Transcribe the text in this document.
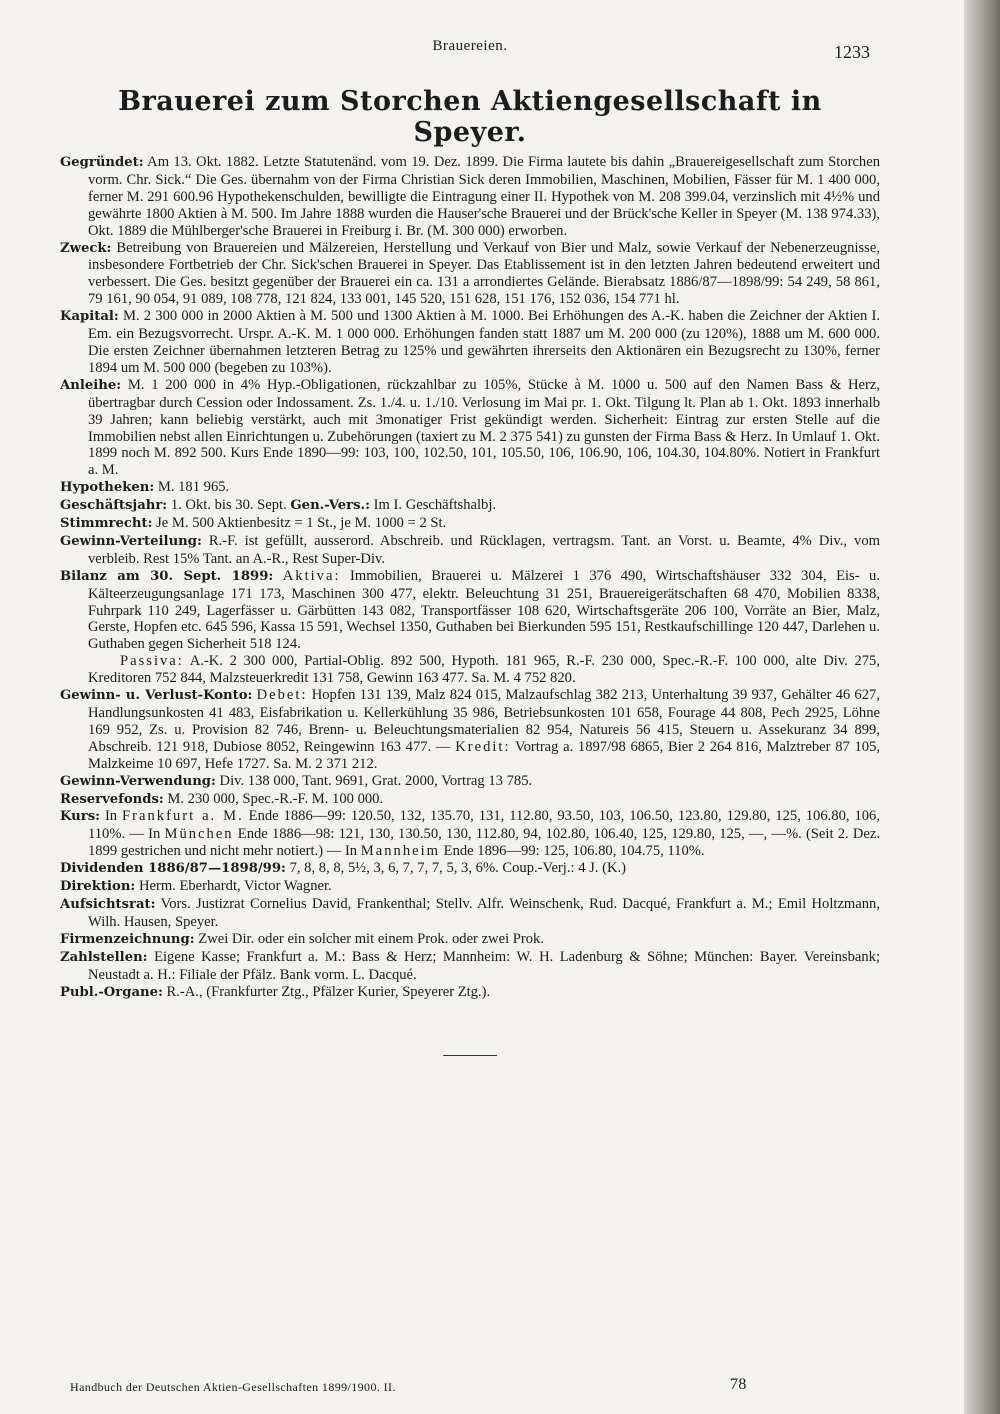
Brauereien.	1233
Brauerei zum Storchen Aktiengesellschaft in Speyer.

Gegründet: Am 13. Okt. 1882. Letzte Statutenänd. vom 19. Dez. 1899. Die Firma lautete bis dahin „Brauereigesellschaft zum Storchen vorm. Chr. Sick.“ Die Ges. übernahm von der Firma Christian Sick deren Immobilien, Maschinen, Mobilien, Fässer für M. 1 400 000, ferner M. 291 600.96 Hypothekenschulden, bewilligte die Eintragung einer II. Hypothek von M. 208 399.04, verzinslich mit 4½% und gewährte 1800 Aktien à M. 500. Im Jahre 1888 wurden die Hauser'sche Brauerei und der Brück'sche Keller in Speyer (M. 138 974.33), Okt. 1889 die Mühlberger'sche Brauerei in Freiburg i. Br. (M. 300 000) erworben.

Zweck: Betreibung von Brauereien und Mälzereien, Herstellung und Verkauf von Bier und Malz, sowie Verkauf der Nebenerzeugnisse, insbesondere Fortbetrieb der Chr. Sick'schen Brauerei in Speyer. Das Etablissement ist in den letzten Jahren bedeutend erweitert und verbessert. Die Ges. besitzt gegenüber der Brauerei ein ca. 131 a arrondiertes Gelände. Bierabsatz 1886/87—1898/99: 54 249, 58 861, 79 161, 90 054, 91 089, 108 778, 121 824, 133 001, 145 520, 151 628, 151 176, 152 036, 154 771 hl.

Kapital: M. 2 300 000 in 2000 Aktien à M. 500 und 1300 Aktien à M. 1000. Bei Erhöhungen des A.-K. haben die Zeichner der Aktien I. Em. ein Bezugsvorrecht. Urspr. A.-K. M. 1 000 000. Erhöhungen fanden statt 1887 um M. 200 000 (zu 120%), 1888 um M. 600 000. Die ersten Zeichner übernahmen letzteren Betrag zu 125% und gewährten ihrerseits den Aktionären ein Bezugsrecht zu 130%, ferner 1894 um M. 500 000 (begeben zu 103%).

Anleihe: M. 1 200 000 in 4% Hyp.-Obligationen, rückzahlbar zu 105%, Stücke à M. 1000 u. 500 auf den Namen Bass & Herz, übertragbar durch Cession oder Indossament. Zs. 1./4. u. 1./10. Verlosung im Mai pr. 1. Okt. Tilgung lt. Plan ab 1. Okt. 1893 innerhalb 39 Jahren; kann beliebig verstärkt, auch mit 3monatiger Frist gekündigt werden. Sicherheit: Eintrag zur ersten Stelle auf die Immobilien nebst allen Einrichtungen u. Zubehörungen (taxiert zu M. 2 375 541) zu gunsten der Firma Bass & Herz. In Umlauf 1. Okt. 1899 noch M. 892 500. Kurs Ende 1890—99: 103, 100, 102.50, 101, 105.50, 106, 106.90, 106, 104.30, 104.80%. Notiert in Frankfurt a. M.

Hypotheken: M. 181 965.

Geschäftsjahr: 1. Okt. bis 30. Sept. Gen.-Vers.: Im I. Geschäftshalbj.

Stimmrecht: Je M. 500 Aktienbesitz = 1 St., je M. 1000 = 2 St.

Gewinn-Verteilung: R.-F. ist gefüllt, ausserord. Abschreib. und Rücklagen, vertragsm. Tant. an Vorst. u. Beamte, 4% Div., vom verbleib. Rest 15% Tant. an A.-R., Rest Super-Div.

Bilanz am 30. Sept. 1899: Aktiva: Immobilien, Brauerei u. Mälzerei 1 376 490, Wirtschaftshäuser 332 304, Eis- u. Kälteerzeugungsanlage 171 173, Maschinen 300 477, elektr. Beleuchtung 31 251, Brauereigerätschaften 68 470, Mobilien 8338, Fuhrpark 110 249, Lagerfässer u. Gärbütten 143 082, Transportfässer 108 620, Wirtschaftsgeräte 206 100, Vorräte an Bier, Malz, Gerste, Hopfen etc. 645 596, Kassa 15 591, Wechsel 1350, Guthaben bei Bierkunden 595 151, Restkaufschillinge 120 447, Darlehen u. Guthaben gegen Sicherheit 518 124.

Passiva: A.-K. 2 300 000, Partial-Oblig. 892 500, Hypoth. 181 965, R.-F. 230 000, Spec.-R.-F. 100 000, alte Div. 275, Kreditoren 752 844, Malzsteuerkredit 131 758, Gewinn 163 477. Sa. M. 4 752 820.

Gewinn- u. Verlust-Konto: Debet: Hopfen 131 139, Malz 824 015, Malzaufschlag 382 213, Unterhaltung 39 937, Gehälter 46 627, Handlungsunkosten 41 483, Eisfabrikation u. Kellerkühlung 35 986, Betriebsunkosten 101 658, Fourage 44 808, Pech 2925, Löhne 169 952, Zs. u. Provision 82 746, Brenn- u. Beleuchtungsmaterialien 82 954, Natureis 56 415, Steuern u. Assekuranz 34 899, Abschreib. 121 918, Dubiose 8052, Reingewinn 163 477. — Kredit: Vortrag a. 1897/98 6865, Bier 2 264 816, Malztreber 87 105, Malzkeime 10 697, Hefe 1727. Sa. M. 2 371 212.

Gewinn-Verwendung: Div. 138 000, Tant. 9691, Grat. 2000, Vortrag 13 785.

Reservefonds: M. 230 000, Spec.-R.-F. M. 100 000.

Kurs: In Frankfurt a. M. Ende 1886—99: 120.50, 132, 135.70, 131, 112.80, 93.50, 103, 106.50, 123.80, 129.80, 125, 106.80, 106, 110%. — In München Ende 1886—98: 121, 130, 130.50, 130, 112.80, 94, 102.80, 106.40, 125, 129.80, 125, —, —%. (Seit 2. Dez. 1899 gestrichen und nicht mehr notiert.) — In Mannheim Ende 1896—99: 125, 106.80, 104.75, 110%.

Dividenden 1886/87—1898/99: 7, 8, 8, 8, 5½, 3, 6, 7, 7, 7, 5, 3, 6%. Coup.-Verj.: 4 J. (K.)

Direktion: Herm. Eberhardt, Victor Wagner.

Aufsichtsrat: Vors. Justizrat Cornelius David, Frankenthal; Stellv. Alfr. Weinschenk, Rud. Dacqué, Frankfurt a. M.; Emil Holtzmann, Wilh. Hausen, Speyer.

Firmenzeichnung: Zwei Dir. oder ein solcher mit einem Prok. oder zwei Prok.

Zahlstellen: Eigene Kasse; Frankfurt a. M.: Bass & Herz; Mannheim: W. H. Ladenburg & Söhne; München: Bayer. Vereinsbank; Neustadt a. H.: Filiale der Pfälz. Bank vorm. L. Dacqué.

Publ.-Organe: R.-A., (Frankfurter Ztg., Pfälzer Kurier, Speyerer Ztg.).

Handbuch der Deutschen Aktien-Gesellschaften 1899/1900. II.	78
